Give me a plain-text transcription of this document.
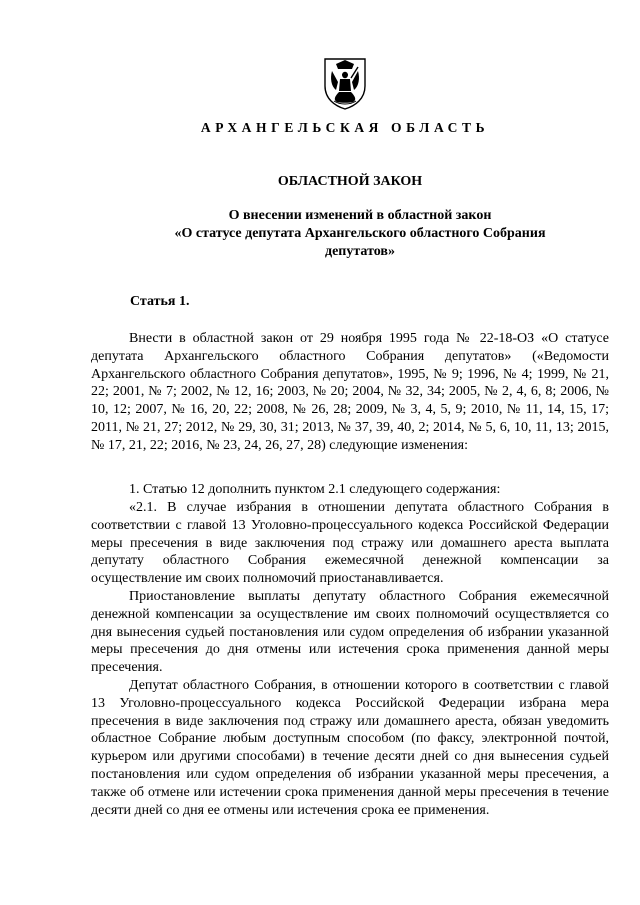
АРХАНГЕЛЬСКАЯ ОБЛАСТЬ
ОБЛАСТНОЙ ЗАКОН
О внесении изменений в областной закон
«О статусе депутата Архангельского областного Собрания
депутатов»
Статья 1.

Внести в областной закон от 29 ноября 1995 года № 22-18-ОЗ «О статусе депутата Архангельского областного Собрания депутатов» («Ведомости Архангельского областного Собрания депутатов», 1995, № 9; 1996, № 4; 1999, № 21, 22; 2001, № 7; 2002, № 12, 16; 2003, № 20; 2004, № 32, 34; 2005, № 2, 4, 6, 8; 2006, № 10, 12; 2007, № 16, 20, 22; 2008, № 26, 28; 2009, № 3, 4, 5, 9; 2010, № 11, 14, 15, 17; 2011, № 21, 27; 2012, № 29, 30, 31; 2013, № 37, 39, 40, 2; 2014, № 5, 6, 10, 11, 13; 2015, № 17, 21, 22; 2016, № 23, 24, 26, 27, 28) следующие изменения:

1. Статью 12 дополнить пунктом 2.1 следующего содержания:

«2.1. В случае избрания в отношении депутата областного Собрания в соответствии с главой 13 Уголовно-процессуального кодекса Российской Федерации меры пресечения в виде заключения под стражу или домашнего ареста выплата депутату областного Собрания ежемесячной денежной компенсации за осуществление им своих полномочий приостанавливается.

Приостановление выплаты депутату областного Собрания ежемесячной денежной компенсации за осуществление им своих полномочий осуществляется со дня вынесения судьей постановления или судом определения об избрании указанной меры пресечения до дня отмены или истечения срока применения данной меры пресечения.

Депутат областного Собрания, в отношении которого в соответствии с главой 13 Уголовно-процессуального кодекса Российской Федерации избрана мера пресечения в виде заключения под стражу или домашнего ареста, обязан уведомить областное Собрание любым доступным способом (по факсу, электронной почтой, курьером или другими способами) в течение десяти дней со дня вынесения судьей постановления или судом определения об избрании указанной меры пресечения, а также об отмене или истечении срока применения данной меры пресечения в течение десяти дней со дня ее отмены или истечения срока ее применения.
